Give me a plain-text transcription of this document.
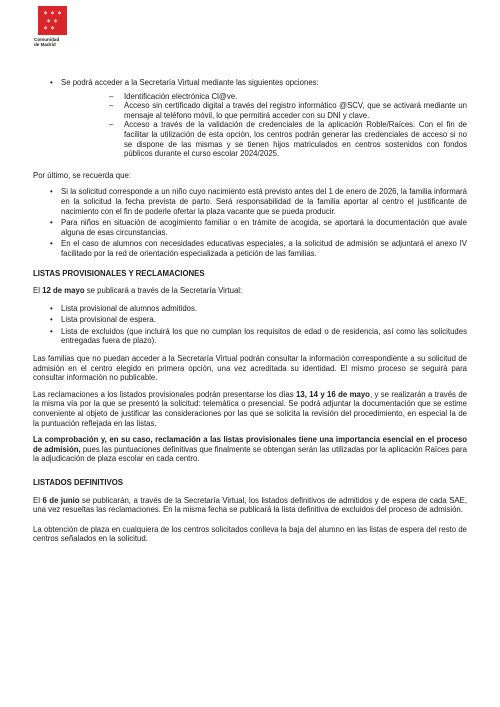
✶ ✶ ✶
✶ ✶
✶
✶
Comunidad
de Madrid
• Se podrá acceder a la Secretaría Virtual mediante las siguientes opciones:
– Identificación electrónica Cl@ve.
– Acceso sin certificado digital a través del registro informático @SCV, que se activará mediante un mensaje al teléfono móvil, lo que permitirá acceder con su DNI y clave.
– Acceso a través de la validación de credenciales de la aplicación Roble/Raíces. Con el fin de facilitar la utilización de esta opción, los centros podrán generar las credenciales de acceso si no se dispone de las mismas y se tienen hijos matriculados en centros sostenidos con fondos públicos durante el curso escolar 2024/2025.

Por último, se recuerda que:

• Si la solicitud corresponde a un niño cuyo nacimiento está previsto antes del 1 de enero de 2026, la familia informará en la solicitud la fecha prevista de parto. Será responsabilidad de la familia aportar al centro el justificante de nacimiento con el fin de poderle ofertar la plaza vacante que se pueda producir.
• Para niños en situación de acogimiento familiar o en trámite de acogida, se aportará la documentación que avale alguna de esas circunstancias.
• En el caso de alumnos con necesidades educativas especiales, a la solicitud de admisión se adjuntará el anexo IV facilitado por la red de orientación especializada a petición de las familias.
LISTAS PROVISIONALES Y RECLAMACIONES

El 12 de mayo se publicará a través de la Secretaría Virtual:

• Lista provisional de alumnos admitidos.
• Lista provisional de espera.
• Lista de excluidos (que incluirá los que no cumplan los requisitos de edad o de residencia, así como las solicitudes entregadas fuera de plazo).

Las familias que no puedan acceder a la Secretaría Virtual podrán consultar la información correspondiente a su solicitud de admisión en el centro elegido en primera opción, una vez acreditada su identidad. El mismo proceso se seguirá para consultar información no publicable.

Las reclamaciones a los listados provisionales podrán presentarse los días 13, 14 y 16 de mayo, y se realizarán a través de la misma vía por la que se presentó la solicitud: telemática o presencial. Se podrá adjuntar la documentación que se estime conveniente al objeto de justificar las consideraciones por las que se solicita la revisión del procedimiento, en especial la de la puntuación reflejada en las listas.

La comprobación y, en su caso, reclamación a las listas provisionales tiene una importancia esencial en el proceso de admisión, pues las puntuaciones definitivas que finalmente se obtengan serán las utilizadas por la aplicación Raíces para la adjudicación de plaza escolar en cada centro.

LISTADOS DEFINITIVOS

El 6 de junio se publicarán, a través de la Secretaría Virtual, los listados definitivos de admitidos y de espera de cada SAE, una vez resueltas las reclamaciones. En la misma fecha se publicará la lista definitiva de excluidos del proceso de admisión.

La obtención de plaza en cualquiera de los centros solicitados conlleva la baja del alumno en las listas de espera del resto de centros señalados en la solicitud.
